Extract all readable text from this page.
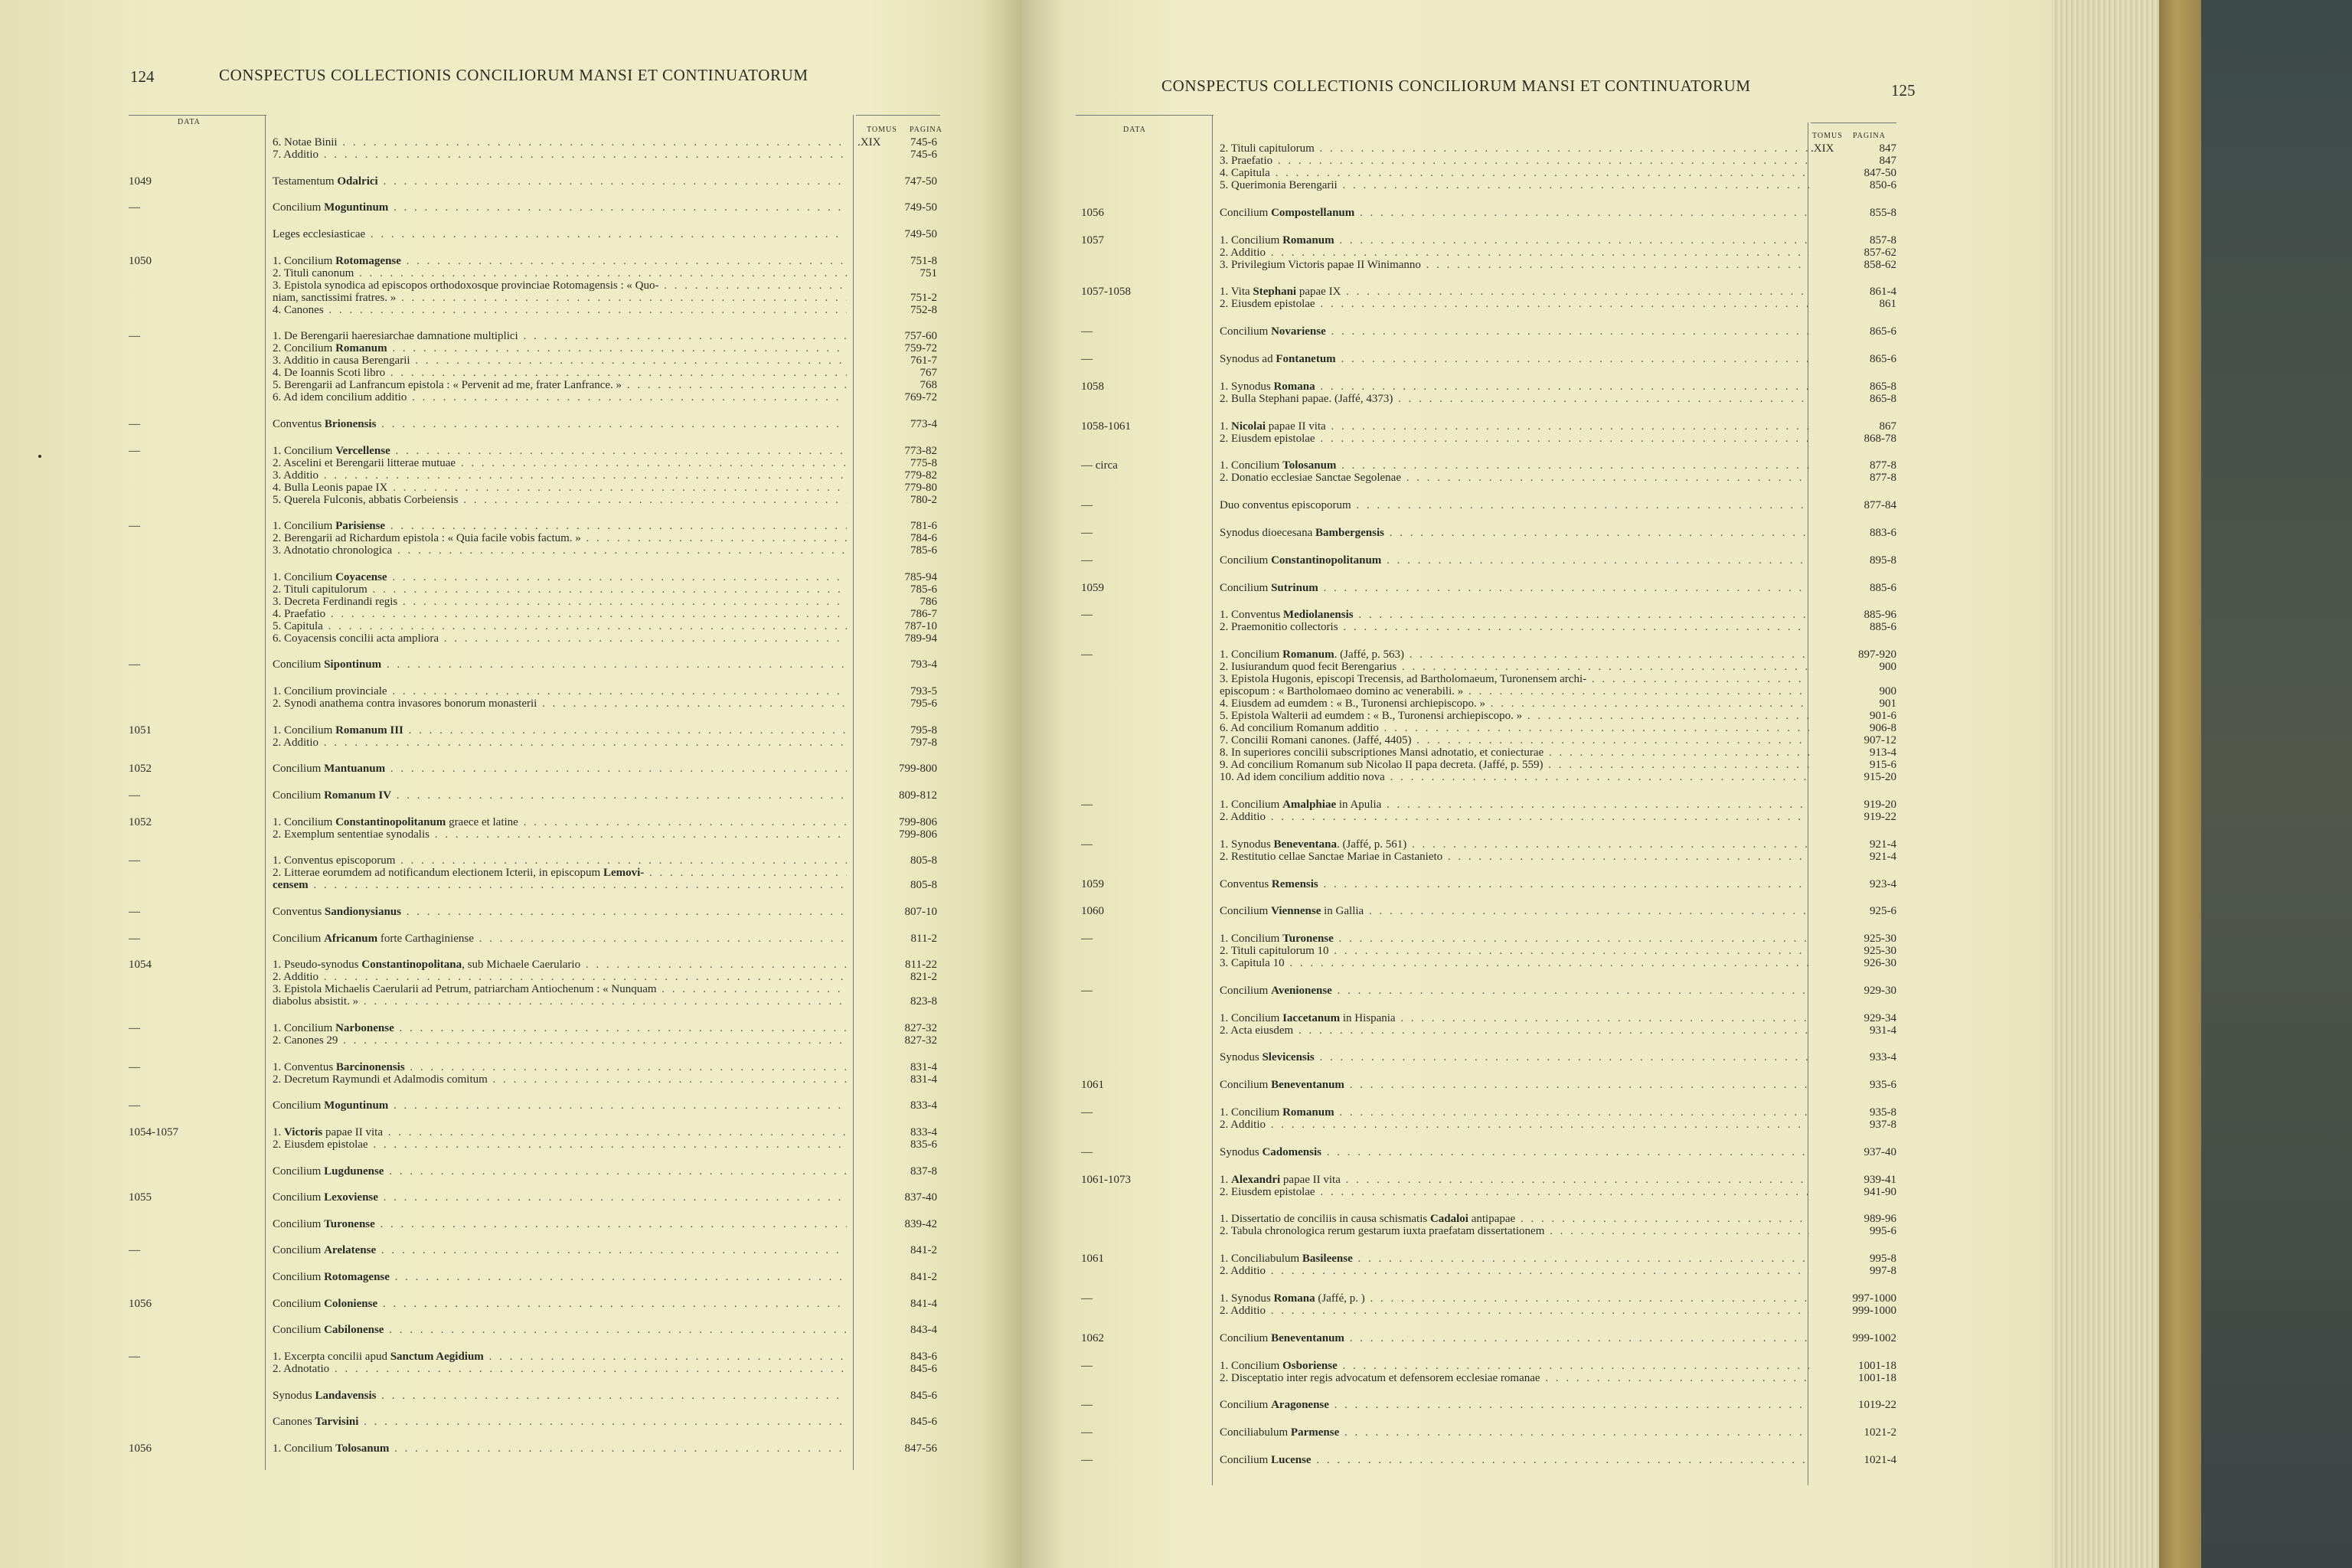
124	CONSPECTUS COLLECTIONIS CONCILIORUM MANSI ET CONTINUATORUM
DATA
TOMUS PAGINA
.XIX
6. Notae Binii . . .	745-6
7. Additio . . .	745-6
1049	Testamentum Odalrici . . .	747-50
—	Concilium Moguntinum . . .	749-50
Leges ecclesiasticae . . .	749-50
1050	1. Concilium Rotomagense . . .	751-8
2. Tituli canonum . . .	751
3. Epistola synodica ad episcopos orthodoxosque provinciae Rotomagensis : « Quo- . . .
niam, sanctissimi fratres. » . . .	751-2
4. Canones . . .	752-8
—	1. De Berengarii haeresiarchae damnatione multiplici . . .	757-60
2. Concilium Romanum . . .	759-72
3. Additio in causa Berengarii . . .	761-7
4. De Ioannis Scoti libro . . .	767
5. Berengarii ad Lanfrancum epistola : « Pervenit ad me, frater Lanfrance. » . . .	768
6. Ad idem concilium additio . . .	769-72
—	Conventus Brionensis . . .	773-4
—	1. Concilium Vercellense . . .	773-82
2. Ascelini et Berengarii litterae mutuae . . .	775-8
3. Additio . . .	779-82
4. Bulla Leonis papae IX . . .	779-80
5. Querela Fulconis, abbatis Corbeiensis . . .	780-2
—	1. Concilium Parisiense . . .	781-6
2. Berengarii ad Richardum epistola : « Quia facile vobis factum. » . . .	784-6
3. Adnotatio chronologica . . .	785-6
1. Concilium Coyacense . . .	785-94
2. Tituli capitulorum . . .	785-6
3. Decreta Ferdinandi regis . . .	786
4. Praefatio . . .	786-7
5. Capitula . . .	787-10
6. Coyacensis concilii acta ampliora . . .	789-94
—	Concilium Sipontinum . . .	793-4
1. Concilium provinciale . . .	793-5
2. Synodi anathema contra invasores bonorum monasterii . . .	795-6
1051	1. Concilium Romanum III . . .	795-8
2. Additio . . .	797-8
1052	Concilium Mantuanum . . .	799-800
—	Concilium Romanum IV . . .	809-812
1052	1. Concilium Constantinopolitanum graece et latine . . .	799-806
2. Exemplum sententiae synodalis . . .	799-806
—	1. Conventus episcoporum . . .	805-8
2. Litterae eorumdem ad notificandum electionem Icterii, in episcopum Lemovi- . . .
censem . . .	805-8
—	Conventus Sandionysianus . . .	807-10
—	Concilium Africanum forte Carthaginiense . . .	811-2
1054	1. Pseudo-synodus Constantinopolitana, sub Michaele Caerulario . . .	811-22
2. Additio . . .	821-2
3. Epistola Michaelis Caerularii ad Petrum, patriarcham Antiochenum : « Nunquam . . .
diabolus absistit. » . . .	823-8
—	1. Concilium Narbonense . . .	827-32
2. Canones 29 . . .	827-32
—	1. Conventus Barcinonensis . . .	831-4
2. Decretum Raymundi et Adalmodis comitum . . .	831-4
—	Concilium Moguntinum . . .	833-4
1054-1057	1. Victoris papae II vita . . .	833-4
2. Eiusdem epistolae . . .	835-6
Concilium Lugdunense . . .	837-8
1055	Concilium Lexoviense . . .	837-40
Concilium Turonense . . .	839-42
—	Concilium Arelatense . . .	841-2
Concilium Rotomagense . . .	841-2
1056	Concilium Coloniense . . .	841-4
Concilium Cabilonense . . .	843-4
—	1. Excerpta concilii apud Sanctum Aegidium . . .	843-6
2. Adnotatio . . .	845-6
Synodus Landavensis . . .	845-6
Canones Tarvisini . . .	845-6
1056	1. Concilium Tolosanum . . .	847-56
125
CONSPECTUS COLLECTIONIS CONCILIORUM MANSI ET CONTINUATORUM
DATA
TOMUS PAGINA
.XIX
2. Tituli capitulorum . . .	847
3. Praefatio . . .	847
4. Capitula . . .	847-50
5. Querimonia Berengarii . . .	850-6
1056	Concilium Compostellanum . . .	855-8
1057	1. Concilium Romanum . . .	857-8
2. Additio . . .	857-62
3. Privilegium Victoris papae II Winimanno . . .	858-62
1057-1058	1. Vita Stephani papae IX . . .	861-4
2. Eiusdem epistolae . . .	861
—	Concilium Novariense . . .	865-6
—	Synodus ad Fontanetum . . .	865-6
1058	1. Synodus Romana . . .	865-8
2. Bulla Stephani papae. (Jaffé, 4373) . . .	865-8
1058-1061	1. Nicolai papae II vita . . .	867
2. Eiusdem epistolae . . .	868-78
— circa	1. Concilium Tolosanum . . .	877-8
2. Donatio ecclesiae Sanctae Segolenae . . .	877-8
—	Duo conventus episcoporum . . .	877-84
—	Synodus dioecesana Bambergensis . . .	883-6
—	Concilium Constantinopolitanum . . .	895-8
1059	Concilium Sutrinum . . .	885-6
—	1. Conventus Mediolanensis . . .	885-96
2. Praemonitio collectoris . . .	885-6
—	1. Concilium Romanum. (Jaffé, p. 563) . . .	897-920
2. Iusiurandum quod fecit Berengarius . . .	900
3. Epistola Hugonis, episcopi Trecensis, ad Bartholomaeum, Turonensem archi- . . .
episcopum : « Bartholomaeo domino ac venerabili. » . . .	900
4. Eiusdem ad eumdem : « B., Turonensi archiepiscopo. » . . .	901
5. Epistola Walterii ad eumdem : « B., Turonensi archiepiscopo. » . . .	901-6
6. Ad concilium Romanum additio . . .	906-8
7. Concilii Romani canones. (Jaffé, 4405) . . .	907-12
8. In superiores concilii subscriptiones Mansi adnotatio, et coniecturae . . .	913-4
9. Ad concilium Romanum sub Nicolao II papa decreta. (Jaffé, p. 559) . . .	915-6
10. Ad idem concilium additio nova . . .	915-20
—	1. Concilium Amalphiae in Apulia . . .	919-20
2. Additio . . .	919-22
—	1. Synodus Beneventana. (Jaffé, p. 561) . . .	921-4
2. Restitutio cellae Sanctae Mariae in Castanieto . . .	921-4
1059	Conventus Remensis . . .	923-4
1060	Concilium Viennense in Gallia . . .	925-6
—	1. Concilium Turonense . . .	925-30
2. Tituli capitulorum 10 . . .	925-30
3. Capitula 10 . . .	926-30
—	Concilium Avenionense . . .	929-30
1. Concilium Iaccetanum in Hispania . . .	929-34
2. Acta eiusdem . . .	931-4
Synodus Slevicensis . . .	933-4
1061	Concilium Beneventanum . . .	935-6
—	1. Concilium Romanum . . .	935-8
2. Additio . . .	937-8
—	Synodus Cadomensis . . .	937-40
1061-1073	1. Alexandri papae II vita . . .	939-41
2. Eiusdem epistolae . . .	941-90
1. Dissertatio de conciliis in causa schismatis Cadaloi antipapae . . .	989-96
2. Tabula chronologica rerum gestarum iuxta praefatam dissertationem . . .	995-6
1061	1. Conciliabulum Basileense . . .	995-8
2. Additio . . .	997-8
—	1. Synodus Romana (Jaffé, p. ) . . .	997-1000
2. Additio . . .	999-1000
1062	Concilium Beneventanum . . .	999-1002
—	1. Concilium Osboriense . . .	1001-18
2. Disceptatio inter regis advocatum et defensorem ecclesiae romanae . . .	1001-18
—	Concilium Aragonense . . .	1019-22
—	Conciliabulum Parmense . . .	1021-2
—	Concilium Lucense . . .	1021-4
